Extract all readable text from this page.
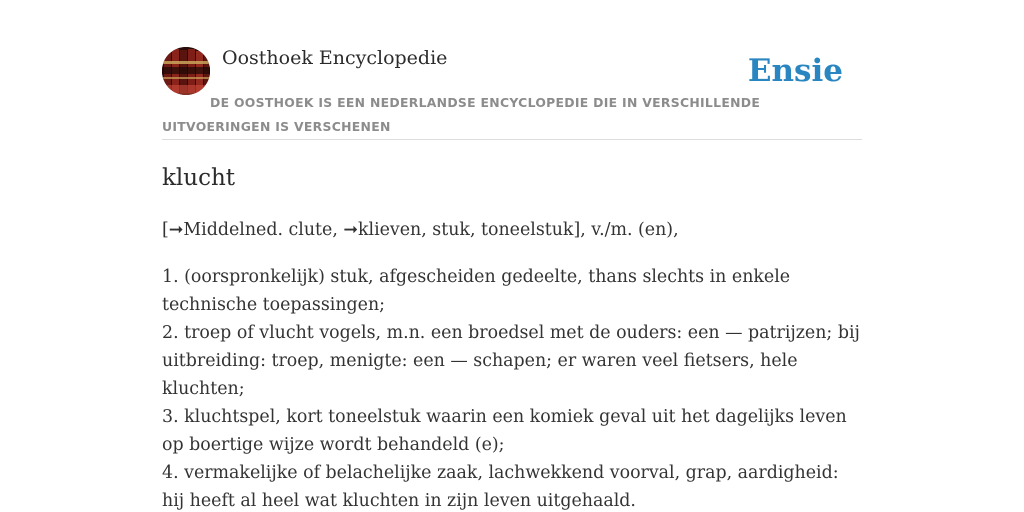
Oosthoek Encyclopedie	Ensie
DE OOSTHOEK IS EEN NEDERLANDSE ENCYCLOPEDIE DIE IN VERSCHILLENDE UITVOERINGEN IS VERSCHENEN
klucht
[➞Middelned. clute, ➞klieven, stuk, toneelstuk], v./m. (en),
1. (oorspronkelijk) stuk, afgescheiden gedeelte, thans slechts in enkele technische toepassingen;
2. troep of vlucht vogels, m.n. een broedsel met de ouders: een — patrijzen; bij uitbreiding: troep, menigte: een — schapen; er waren veel fietsers, hele kluchten;
3. kluchtspel, kort toneelstuk waarin een komiek geval uit het dagelijks leven op boertige wijze wordt behandeld (e);
4. vermakelijke of belachelijke zaak, lachwekkend voorval, grap, aardigheid: hij heeft al heel wat kluchten in zijn leven uitgehaald.
